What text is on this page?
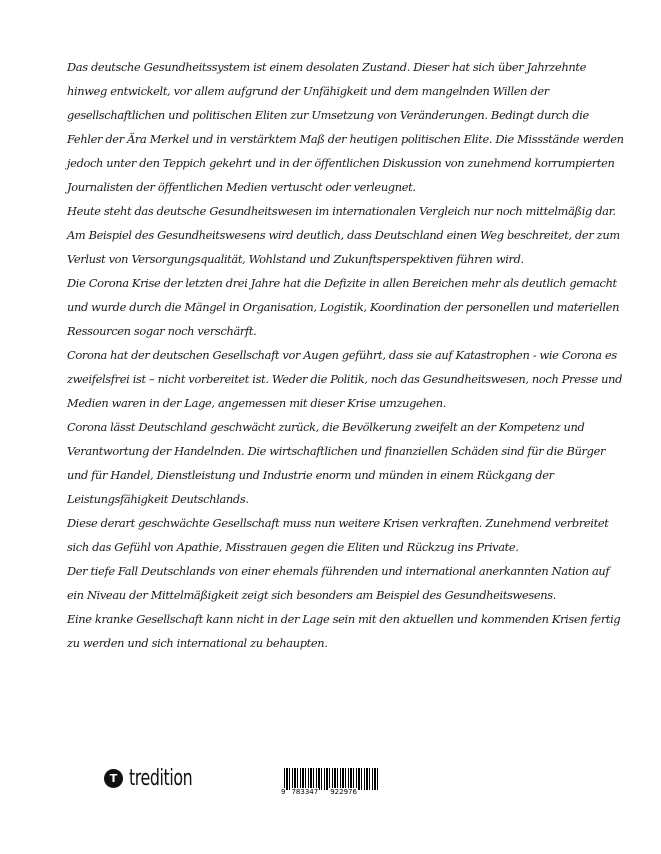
Das deutsche Gesundheitssystem ist einem desolaten Zustand. Dieser hat sich über Jahrzehnte
hinweg entwickelt, vor allem aufgrund der Unfähigkeit und dem mangelnden Willen der
gesellschaftlichen und politischen Eliten zur Umsetzung von Veränderungen. Bedingt durch die
Fehler der Ära Merkel und in verstärktem Maß der heutigen politischen Elite. Die Missstände werden
jedoch unter den Teppich gekehrt und in der öffentlichen Diskussion von zunehmend korrumpierten
Journalisten der öffentlichen Medien vertuscht oder verleugnet.
Heute steht das deutsche Gesundheitswesen im internationalen Vergleich nur noch mittelmäßig dar.
Am Beispiel des Gesundheitswesens wird deutlich, dass Deutschland einen Weg beschreitet, der zum
Verlust von Versorgungsqualität, Wohlstand und Zukunftsperspektiven führen wird.
Die Corona Krise der letzten drei Jahre hat die Defizite in allen Bereichen mehr als deutlich gemacht
und wurde durch die Mängel in Organisation, Logistik, Koordination der personellen und materiellen
Ressourcen sogar noch verschärft.
Corona hat der deutschen Gesellschaft vor Augen geführt, dass sie auf Katastrophen - wie Corona es
zweifelsfrei ist – nicht vorbereitet ist. Weder die Politik, noch das Gesundheitswesen, noch Presse und
Medien waren in der Lage, angemessen mit dieser Krise umzugehen.
Corona lässt Deutschland geschwächt zurück, die Bevölkerung zweifelt an der Kompetenz und
Verantwortung der Handelnden. Die wirtschaftlichen und finanziellen Schäden sind für die Bürger
und für Handel, Dienstleistung und Industrie enorm und münden in einem Rückgang der
Leistungsfähigkeit Deutschlands.
Diese derart geschwächte Gesellschaft muss nun weitere Krisen verkraften. Zunehmend verbreitet
sich das Gefühl von Apathie, Misstrauen gegen die Eliten und Rückzug ins Private.
Der tiefe Fall Deutschlands von einer ehemals führenden und international anerkannten Nation auf
ein Niveau der Mittelmäßigkeit zeigt sich besonders am Beispiel des Gesundheitswesens.
Eine kranke Gesellschaft kann nicht in der Lage sein mit den aktuellen und kommenden Krisen fertig
zu werden und sich international zu behaupten.
T tredition
9 783347 922976
